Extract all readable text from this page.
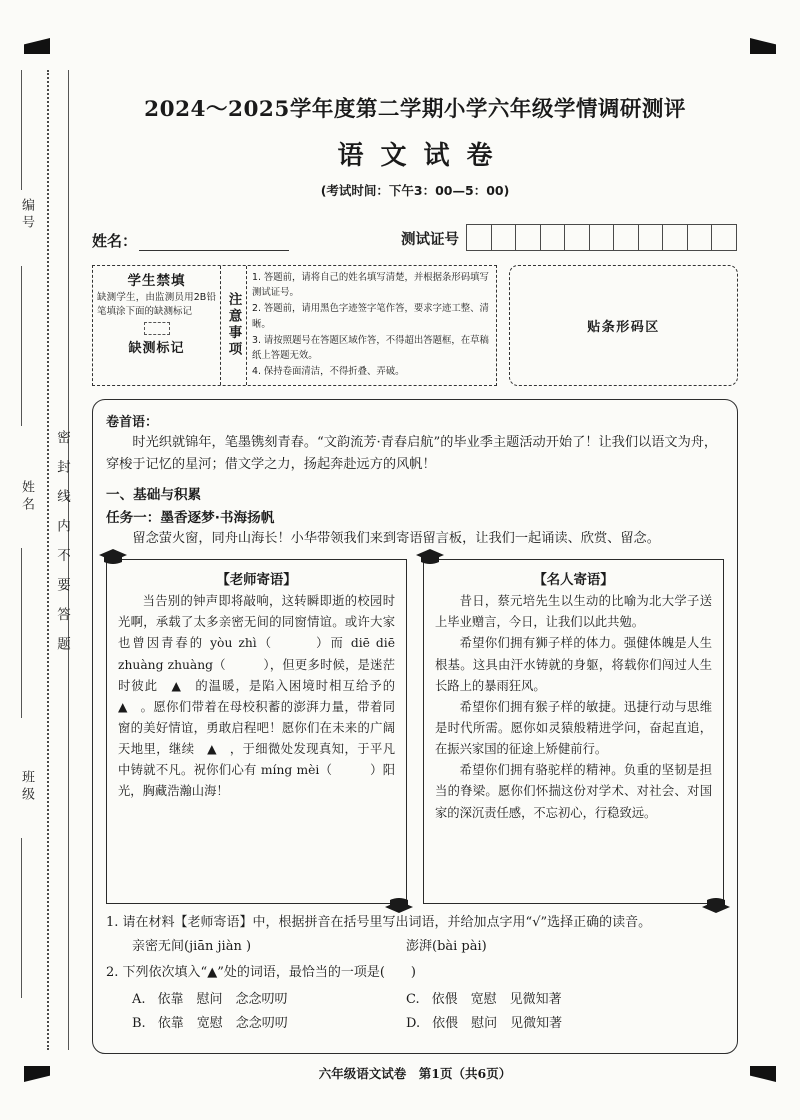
编号
姓名
班级
密封线内不要答题
2024～2025学年度第二学期小学六年级学情调研测评
语文试卷
(考试时间：下午3：00—5：00)
姓名：	测试证号
学生禁填
缺测学生，由监测员用2B铅笔填涂下面的缺测标记
缺测标记	注意事项
1. 答题前，请将自己的姓名填写清楚，并根据条形码填写测试证号。
2. 答题前，请用黑色字迹签字笔作答，要求字迹工整、清晰。
3. 请按照题号在答题区域作答，不得超出答题框，在草稿纸上答题无效。
4. 保持卷面清洁，不得折叠、弄破。
贴条形码区
卷首语：
时光织就锦年，笔墨镌刻青春。“文韵流芳·青春启航”的毕业季主题活动开始了！让我们以语文为舟，穿梭于记忆的星河；借文学之力，扬起奔赴远方的风帆！
一、基础与积累
任务一：墨香逐梦·书海扬帆
留念萤火窗，同舟山海长！小华带领我们来到寄语留言板，让我们一起诵读、欣赏、留念。
【老师寄语】
当告别的钟声即将敲响，这转瞬即逝的校园时光啊，承载了太多亲密无间的同窗情谊。或许大家也曾因青春的 yòu zhì（　　　）而 diē diē zhuàng zhuàng（　　　），但更多时候，是迷茫时彼此　▲　的温暖，是陷入困境时相互给予的　▲　。愿你们带着在母校积蓄的澎湃力量，带着同窗的美好情谊，勇敢启程吧！愿你们在未来的广阔天地里，继续　▲　，于细微处发现真知，于平凡中铸就不凡。祝你们心有 míng mèi（　　　）阳光，胸藏浩瀚山海！
【名人寄语】
昔日，蔡元培先生以生动的比喻为北大学子送上毕业赠言，今日，让我们以此共勉。
希望你们拥有狮子样的体力。强健体魄是人生根基。这具由汗水铸就的身躯，将载你们闯过人生长路上的暴雨狂风。
希望你们拥有猴子样的敏捷。迅捷行动与思维是时代所需。愿你如灵猿般精进学问，奋起直追，在振兴家国的征途上矫健前行。
希望你们拥有骆驼样的精神。负重的坚韧是担当的脊梁。愿你们怀揣这份对学术、对社会、对国家的深沉责任感，不忘初心，行稳致远。
1. 请在材料【老师寄语】中，根据拼音在括号里写出词语，并给加点字用“√”选择正确的读音。
亲密无间(jiān jiàn )	澎湃(bài pài)
2. 下列依次填入“▲”处的词语，最恰当的一项是(　　)
A. 依靠　慰问　念念叨叨	C. 依偎　宽慰　见微知著
B. 依靠　宽慰　念念叨叨	D. 依偎　慰问　见微知著
六年级语文试卷　第1页（共6页）
